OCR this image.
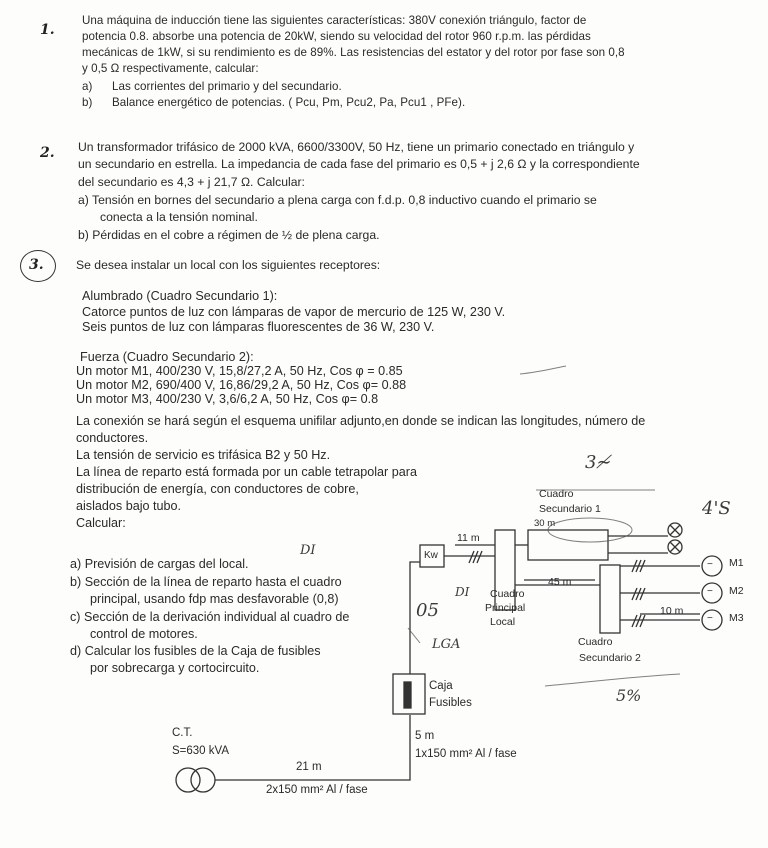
1.
Una máquina de inducción tiene las siguientes características: 380V conexión triángulo, factor de
potencia 0.8. absorbe una potencia de 20kW, siendo su velocidad del rotor 960 r.p.m. las pérdidas
mecánicas de 1kW, si su rendimiento es de 89%. Las resistencias del estator y del rotor por fase son 0,8
y 0,5 Ω respectivamente, calcular:
a) Las corrientes del primario y del secundario.
b) Balance energético de potencias. ( Pcu, Pm, Pcu2, Pa, Pcu1 , PFe).
2. Un transformador trifásico de 2000 kVA, 6600/3300V, 50 Hz, tiene un primario conectado en triángulo y
un secundario en estrella. La impedancia de cada fase del primario es 0,5 + j 2,6 Ω y la correspondiente
del secundario es 4,3 + j 21,7 Ω. Calcular:
a) Tensión en bornes del secundario a plena carga con f.d.p. 0,8 inductivo cuando el primario se
conecta a la tensión nominal.
b) Pérdidas en el cobre a régimen de ½ de plena carga.
3.	Se desea instalar un local con los siguientes receptores:
Alumbrado (Cuadro Secundario 1):
Catorce puntos de luz con lámparas de vapor de mercurio de 125 W, 230 V.
Seis puntos de luz con lámparas fluorescentes de 36 W, 230 V.
Fuerza (Cuadro Secundario 2):
Un motor M1, 400/230 V, 15,8/27,2 A, 50 Hz, Cos φ = 0.85
Un motor M2, 690/400 V, 16,86/29,2 A, 50 Hz, Cos φ= 0.88
Un motor M3, 400/230 V, 3,6/6,2 A, 50 Hz, Cos φ= 0.8
La conexión se hará según el esquema unifilar adjunto,en donde se indican las longitudes, número de
conductores.
La tensión de servicio es trifásica B2 y 50 Hz.
La línea de reparto está formada por un cable tetrapolar para
distribución de energía, con conductores de cobre,
aislados bajo tubo.
Calcular:
a) Previsión de cargas del local.
b) Sección de la línea de reparto hasta el cuadro
principal, usando fdp mas desfavorable (0,8)
c) Sección de la derivación individual al cuadro de
control de motores.
d) Calcular los fusibles de la Caja de fusibles
por sobrecarga y cortocircuito.
C.T.
S=630 kVA
21 m
2x150 mm² Al / fase
5 m
1x150 mm² Al / fase
Caja
Fusibles
Kw
11 m
Cuadro
Principal
Local
Cuadro
Secundario 1
30 m
45 m
10 m
Cuadro
Secundario 2
M1
M2
M3
−
−
−
DI
DI
05
LGA
3≁
4'S
5%
